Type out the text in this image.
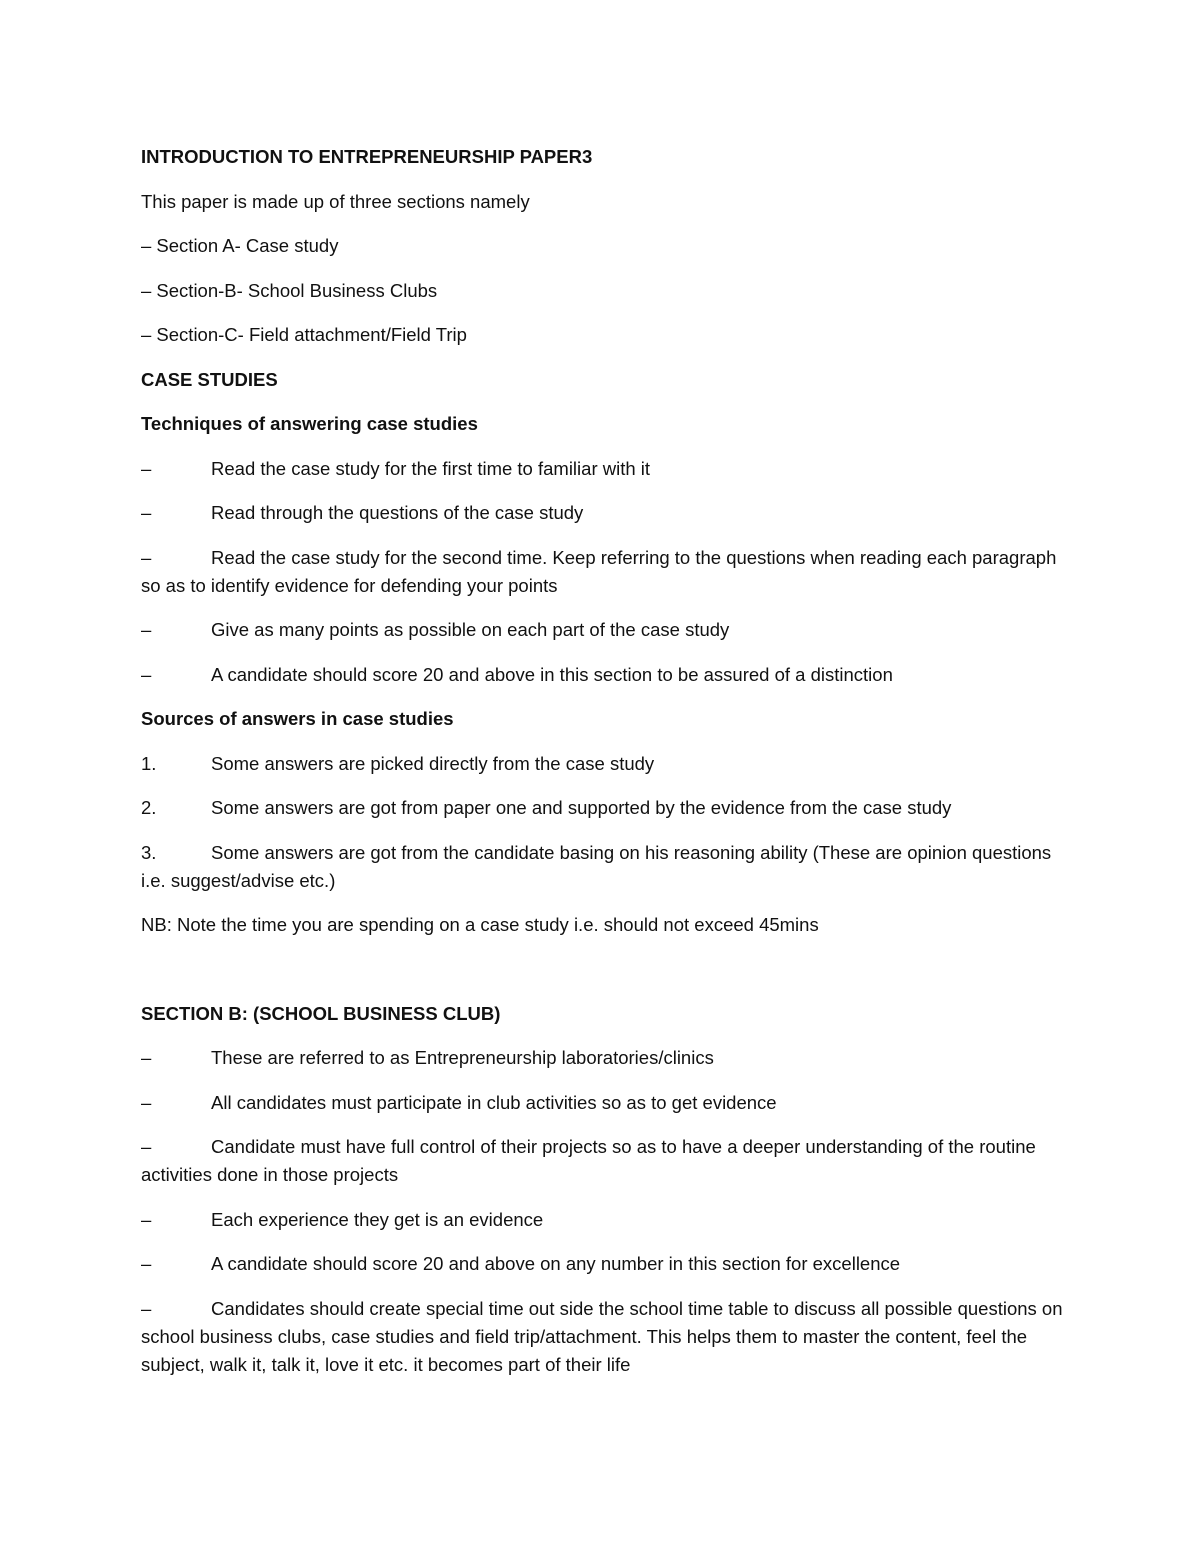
INTRODUCTION TO ENTREPRENEURSHIP PAPER3

This paper is made up of three sections namely

– Section A- Case study

– Section-B- School Business Clubs

– Section-C- Field attachment/Field Trip

CASE STUDIES

Techniques of answering case studies

–	Read the case study for the first time to familiar with it
–	Read through the questions of the case study
–	Read the case study for the second time. Keep referring to the questions when reading each paragraph so as to identify evidence for defending your points
–	Give as many points as possible on each part of the case study
–	A candidate should score 20 and above in this section to be assured of a distinction

Sources of answers in case studies

1.	Some answers are picked directly from the case study
2.	Some answers are got from paper one and supported by the evidence from the case study
3.	Some answers are got from the candidate basing on his reasoning ability (These are opinion questions i.e. suggest/advise etc.)

NB: Note the time you are spending on a case study i.e. should not exceed 45mins

SECTION B: (SCHOOL BUSINESS CLUB)

–	These are referred to as Entrepreneurship laboratories/clinics
–	All candidates must participate in club activities so as to get evidence
–	Candidate must have full control of their projects so as to have a deeper understanding of the routine activities done in those projects
–	Each experience they get is an evidence
–	A candidate should score 20 and above on any number in this section for excellence
–	Candidates should create special time out side the school time table to discuss all possible questions on school business clubs, case studies and field trip/attachment. This helps them to master the content, feel the subject, walk it, talk it, love it etc. it becomes part of their life
